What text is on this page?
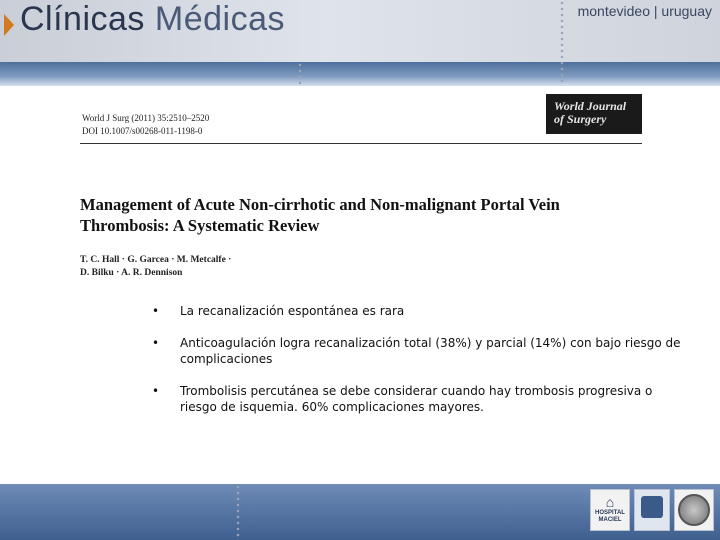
Clínicas Médicas	montevideo | uruguay
World J Surg (2011) 35:2510–2520
DOI 10.1007/s00268-011-1198-0
World Journal of Surgery
Management of Acute Non-cirrhotic and Non-malignant Portal Vein Thrombosis: A Systematic Review
T. C. Hall · G. Garcea · M. Metcalfe ·
D. Bilku · A. R. Dennison
• La recanalización espontánea es rara
• Anticoagulación logra recanalización total (38%) y parcial (14%) con bajo riesgo de complicaciones
• Trombolisis percutánea se debe considerar cuando hay trombosis progresiva o riesgo de isquemia. 60% complicaciones mayores.
⌂
HOSPITAL MACIEL
